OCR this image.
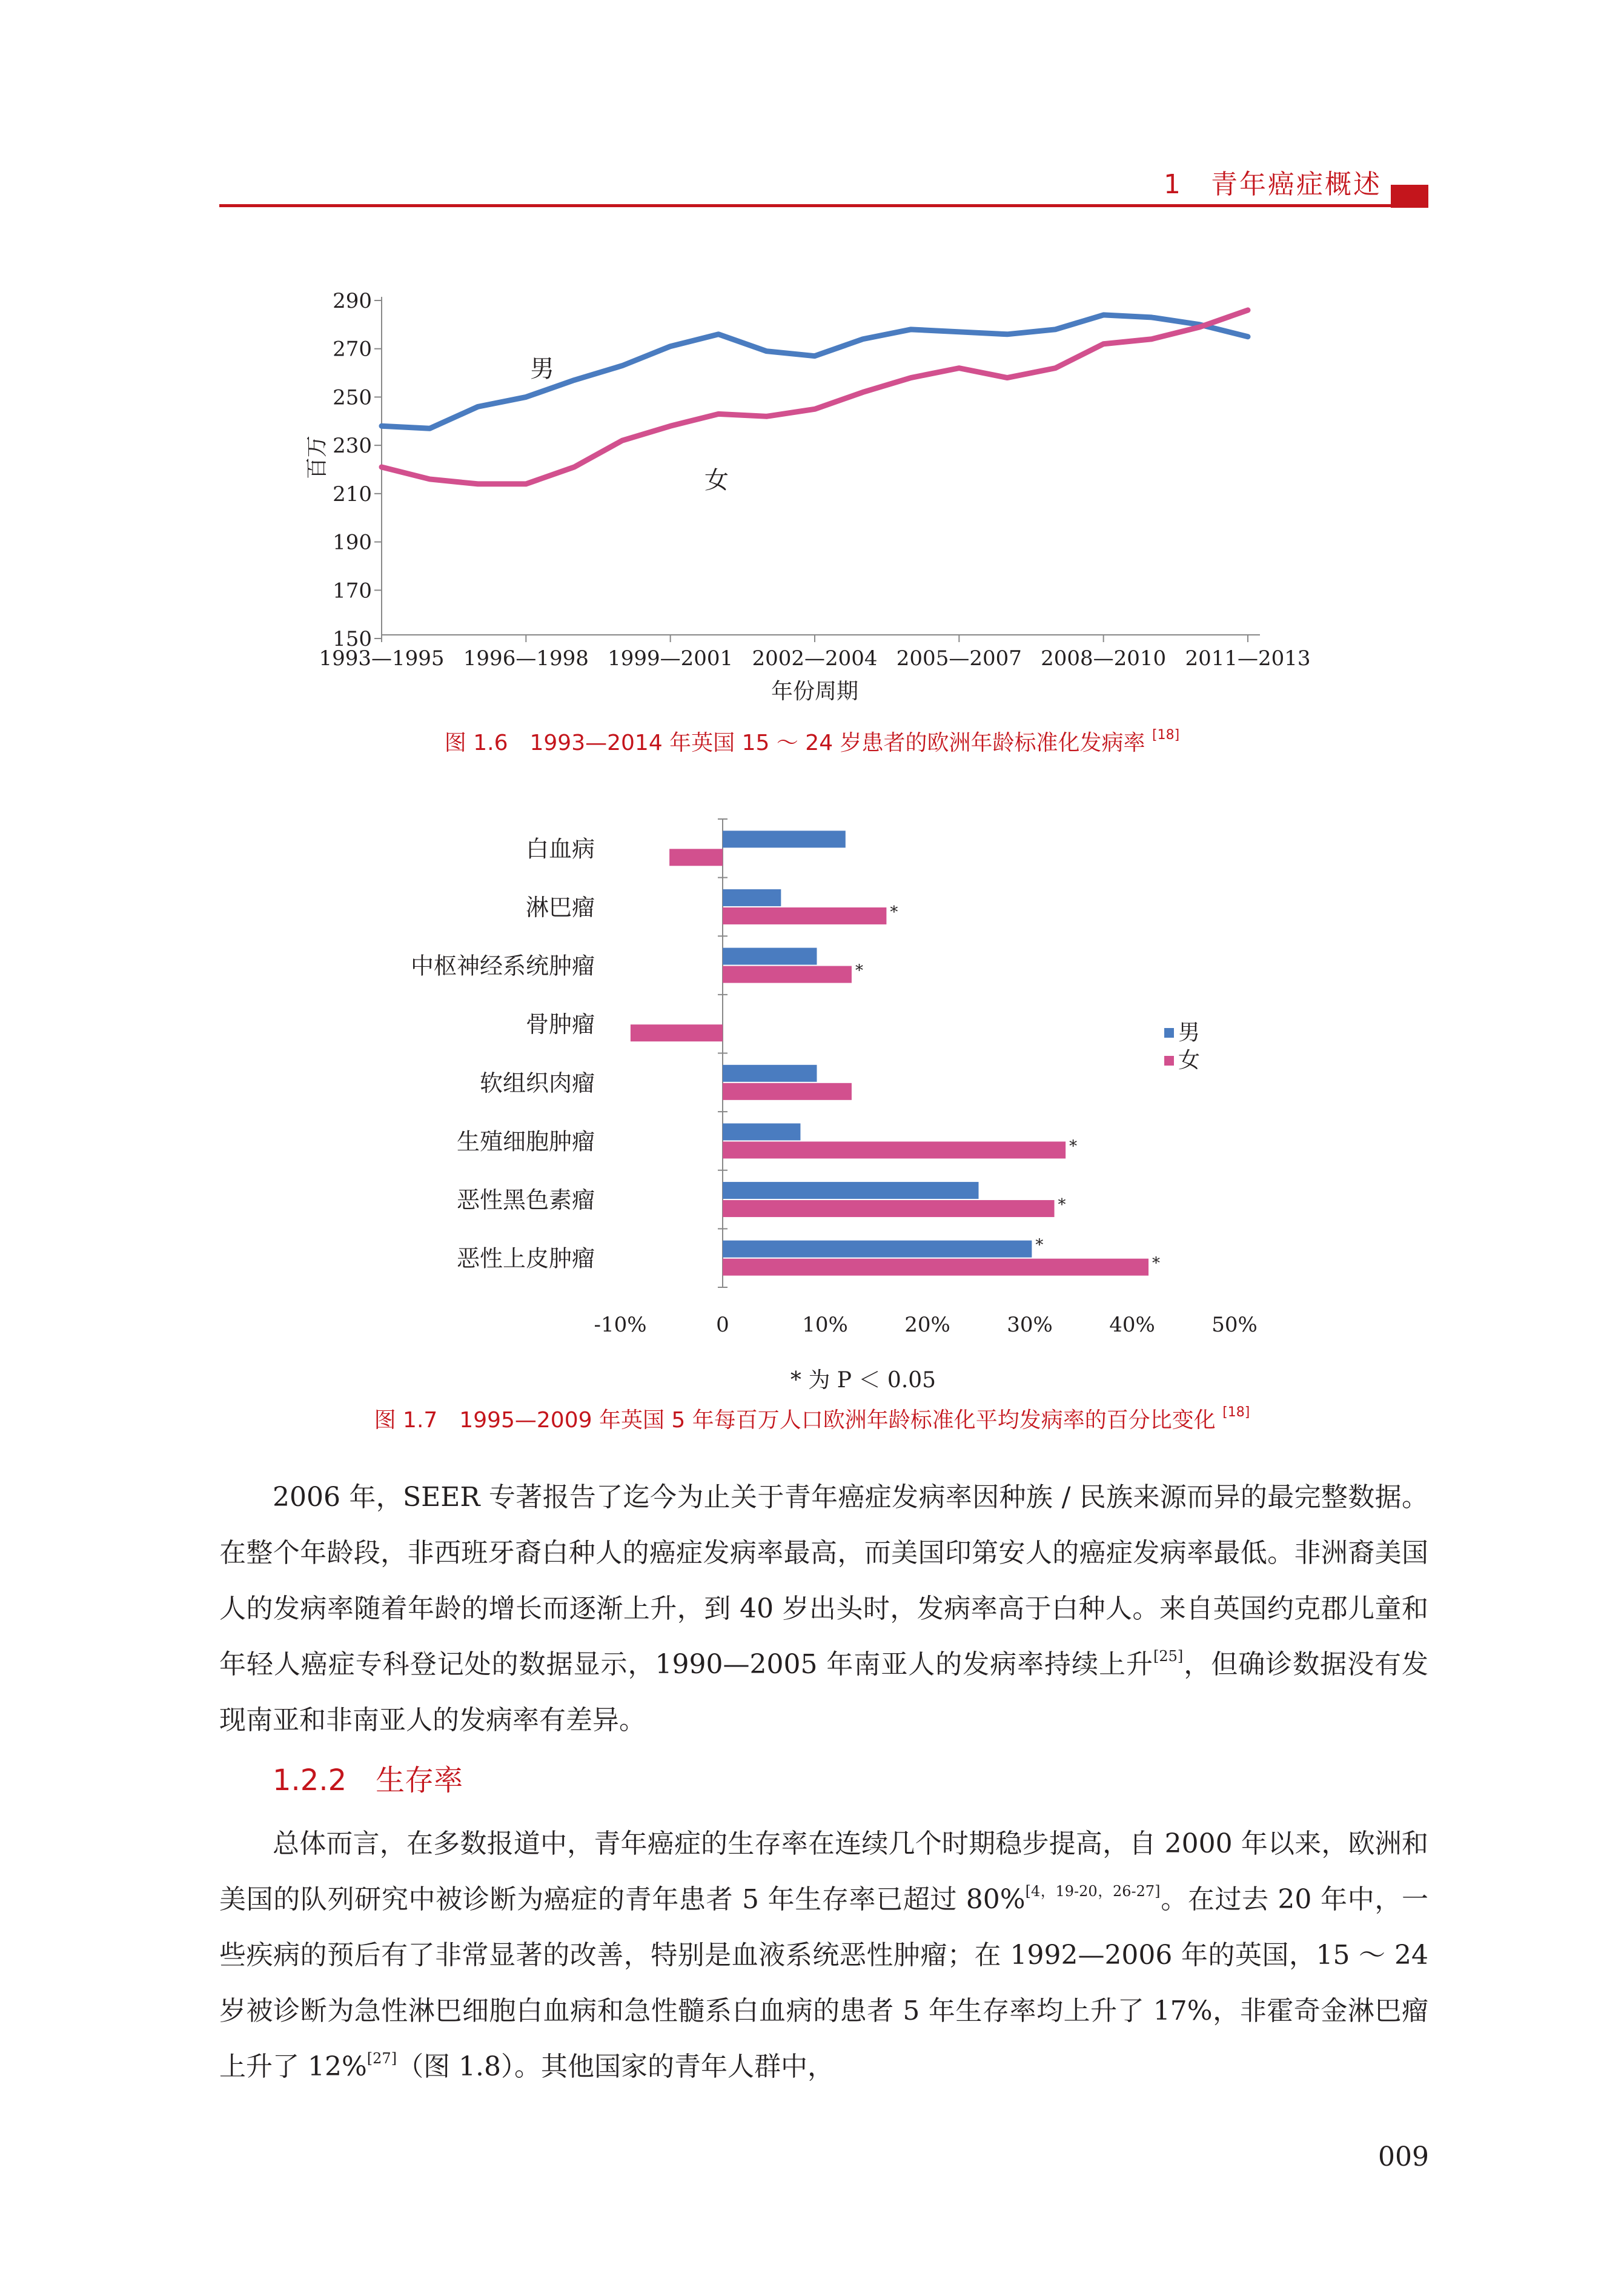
1　青年癌症概述
150
170
190
210
230
250
270
290
1993—1995 1996—1998 1999—2001 2002—2004 2005—2007 2008—2010 2011—2013
年份周期
百万
男
女
图 1.6　1993—2014 年英国 15 ～ 24 岁患者的欧洲年龄标准化发病率 [18]
-10%	0	10%	20%	30%	40%	50%
白血病
淋巴瘤	*
中枢神经系统肿瘤	*
骨肿瘤
软组织肉瘤
生殖细胞肿瘤	*
恶性黑色素瘤	*
恶性上皮肿瘤	*
*
男
女
* 为 P ＜ 0.05
图 1.7　1995—2009 年英国 5 年每百万人口欧洲年龄标准化平均发病率的百分比变化 [18]

2006 年，SEER 专著报告了迄今为止关于青年癌症发病率因种族 / 民族来源而异的最完整数据。在整个年龄段，非西班牙裔白种人的癌症发病率最高，而美国印第安人的癌症发病率最低。非洲裔美国人的发病率随着年龄的增长而逐渐上升，到 40 岁出头时，发病率高于白种人。来自英国约克郡儿童和年轻人癌症专科登记处的数据显示，1990—2005 年南亚人的发病率持续上升[25]，但确诊数据没有发现南亚和非南亚人的发病率有差异。

1.2.2　生存率

总体而言，在多数报道中，青年癌症的生存率在连续几个时期稳步提高，自 2000 年以来，欧洲和美国的队列研究中被诊断为癌症的青年患者 5 年生存率已超过 80%[4，19-20，26-27]。在过去 20 年中，一些疾病的预后有了非常显著的改善，特别是血液系统恶性肿瘤；在 1992—2006 年的英国，15 ～ 24 岁被诊断为急性淋巴细胞白血病和急性髓系白血病的患者 5 年生存率均上升了 17%，非霍奇金淋巴瘤上升了 12%[27]（图 1.8）。其他国家的青年人群中，

009
